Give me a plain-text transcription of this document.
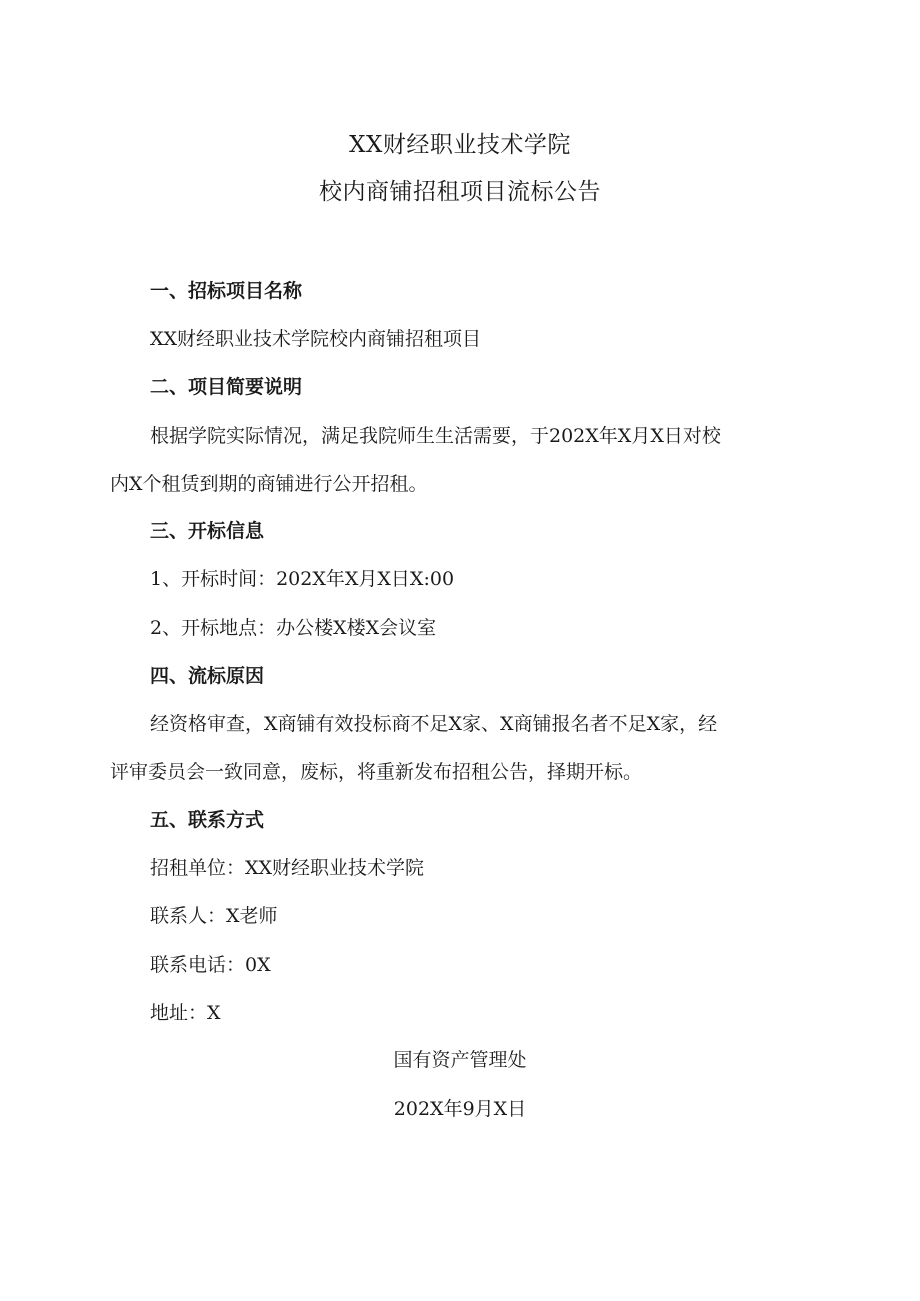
XX财经职业技术学院
校内商铺招租项目流标公告
一、招标项目名称
XX财经职业技术学院校内商铺招租项目
二、项目简要说明
根据学院实际情况，满足我院师生生活需要，于202X年X月X日对校
内X个租赁到期的商铺进行公开招租。
三、开标信息
1、开标时间：202X年X月X日X:00
2、开标地点：办公楼X楼X会议室
四、流标原因
经资格审查，X商铺有效投标商不足X家、X商铺报名者不足X家，经
评审委员会一致同意，废标，将重新发布招租公告，择期开标。
五、联系方式
招租单位：XX财经职业技术学院
联系人：X老师
联系电话：0X
地址：X
国有资产管理处
202X年9月X日
